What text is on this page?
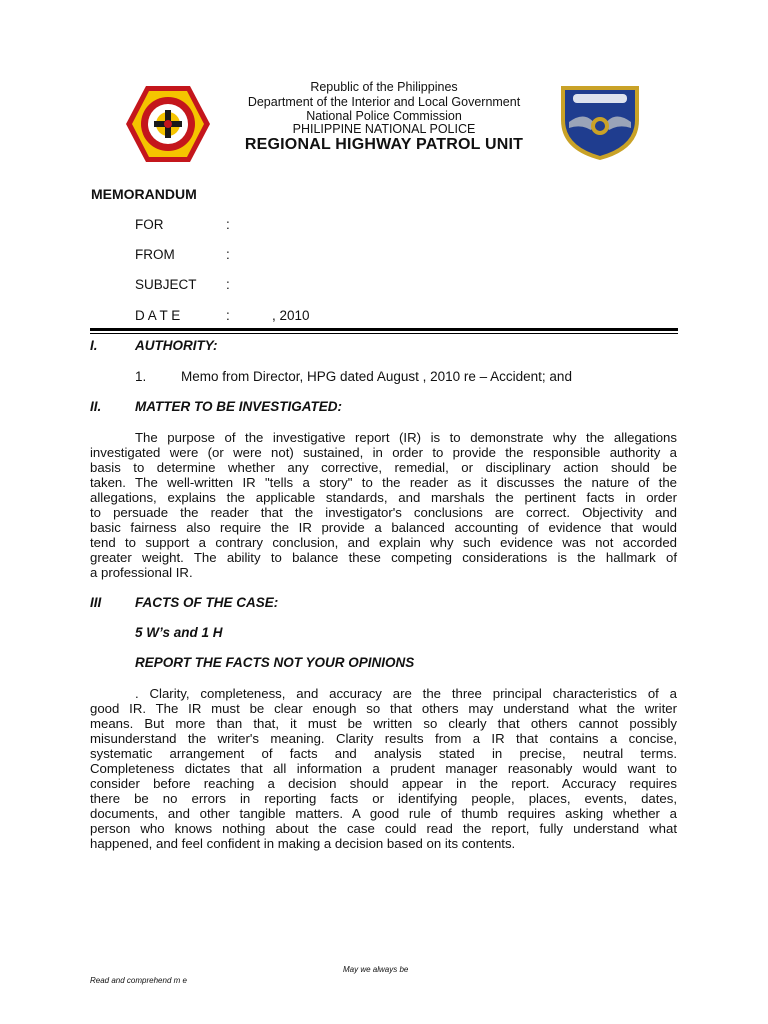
Republic of the Philippines
Department of the Interior and Local Government
National Police Commission
PHILIPPINE NATIONAL POLICE
REGIONAL HIGHWAY PATROL UNIT
MEMORANDUM
FOR	:
FROM	:
SUBJECT :
D A T E	:	, 2010
I.	AUTHORITY:
1.	Memo from Director, HPG dated August , 2010 re – Accident; and
II. MATTER TO BE INVESTIGATED:
The purpose of the investigative report (IR) is to demonstrate why the allegations
investigated were (or were not) sustained, in order to provide the responsible authority a
basis to determine whether any corrective, remedial, or disciplinary action should be
taken. The well-written IR "tells a story" to the reader as it discusses the nature of the
allegations, explains the applicable standards, and marshals the pertinent facts in order
to persuade the reader that the investigator's conclusions are correct. Objectivity and
basic fairness also require the IR provide a balanced accounting of evidence that would
tend to support a contrary conclusion, and explain why such evidence was not accorded
greater weight. The ability to balance these competing considerations is the hallmark of
a professional IR.
III FACTS OF THE CASE:
5 W’s and 1 H
REPORT THE FACTS NOT YOUR OPINIONS
. Clarity, completeness, and accuracy are the three principal characteristics of a
good IR. The IR must be clear enough so that others may understand what the writer
means. But more than that, it must be written so clearly that others cannot possibly
misunderstand the writer's meaning. Clarity results from a IR that contains a concise,
systematic arrangement of facts and analysis stated in precise, neutral terms.
Completeness dictates that all information a prudent manager reasonably would want to
consider before reaching a decision should appear in the report. Accuracy requires
there be no errors in reporting facts or identifying people, places, events, dates,
documents, and other tangible matters. A good rule of thumb requires asking whether a
person who knows nothing about the case could read the report, fully understand what
happened, and feel confident in making a decision based on its contents.
May we always be
Read and comprehend m e
